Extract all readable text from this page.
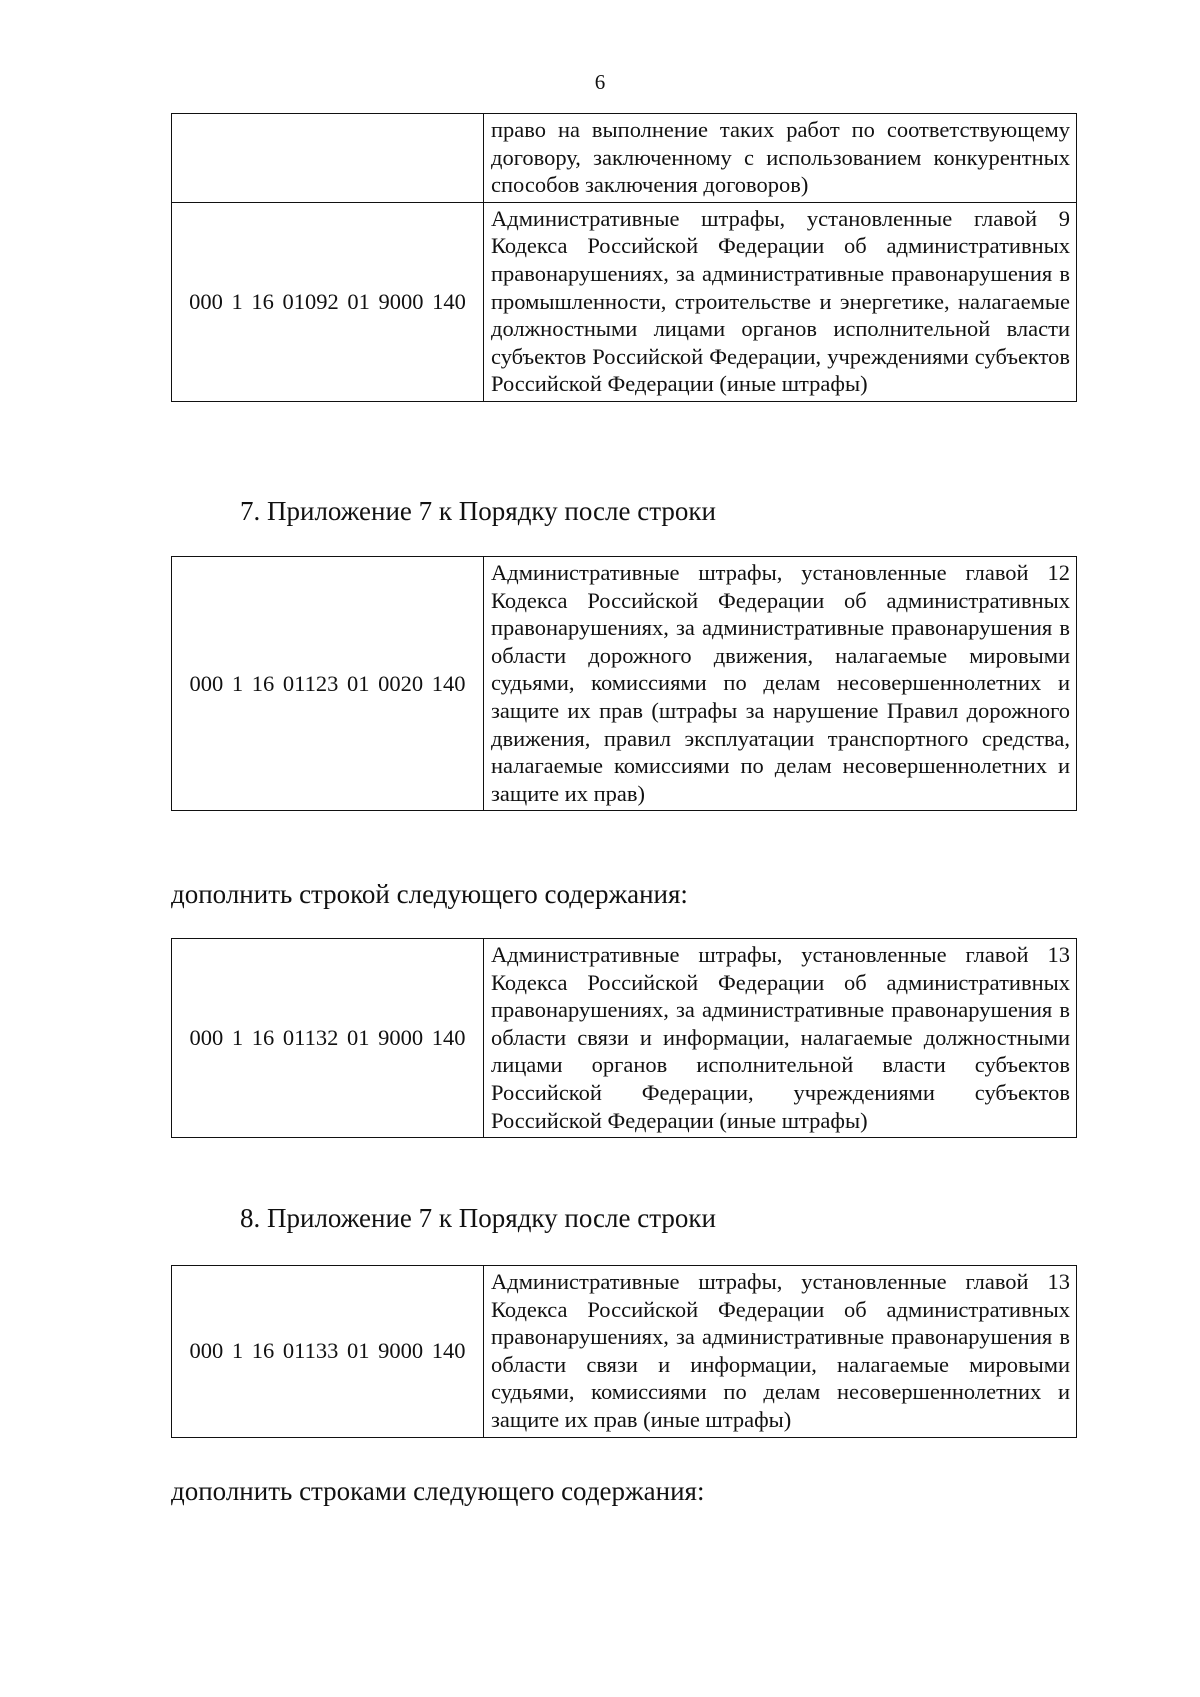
6
	право на выполнение таких работ по соответствующему договору, заключенному с использованием конкурентных способов заключения договоров)
000 1 16 01092 01 9000 140	Административные штрафы, установленные главой 9 Кодекса Российской Федерации об административных правонарушениях, за административные правонарушения в промышленности, строительстве и энергетике, налагаемые должностными лицами органов исполнительной власти субъектов Российской Федерации, учреждениями субъектов Российской Федерации (иные штрафы)
7. Приложение 7 к Порядку после строки
000 1 16 01123 01 0020 140	Административные штрафы, установленные главой 12 Кодекса Российской Федерации об административных правонарушениях, за административные правонарушения в области дорожного движения, налагаемые мировыми судьями, комиссиями по делам несовершеннолетних и защите их прав (штрафы за нарушение Правил дорожного движения, правил эксплуатации транспортного средства, налагаемые комиссиями по делам несовершеннолетних и защите их прав)
дополнить строкой следующего содержания:
000 1 16 01132 01 9000 140	Административные штрафы, установленные главой 13 Кодекса Российской Федерации об административных правонарушениях, за административные правонарушения в области связи и информации, налагаемые должностными лицами органов исполнительной власти субъектов Российской Федерации, учреждениями субъектов Российской Федерации (иные штрафы)
8. Приложение 7 к Порядку после строки
000 1 16 01133 01 9000 140	Административные штрафы, установленные главой 13 Кодекса Российской Федерации об административных правонарушениях, за административные правонарушения в области связи и информации, налагаемые мировыми судьями, комиссиями по делам несовершеннолетних и защите их прав (иные штрафы)
дополнить строками следующего содержания:
